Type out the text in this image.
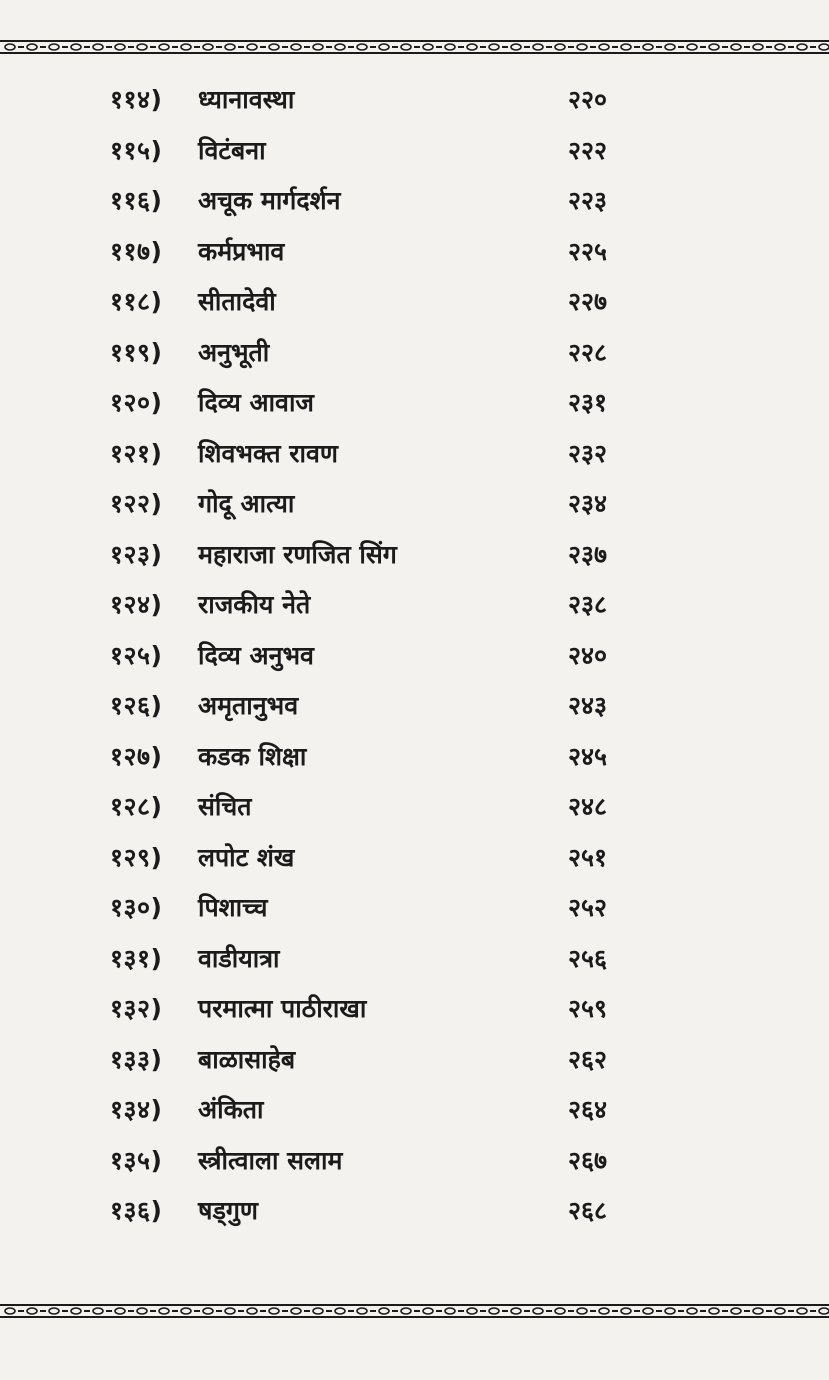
११४) ध्यानावस्था	२२०
११५) विटंबना	२२२
११६) अचूक मार्गदर्शन	२२३
११७) कर्मप्रभाव	२२५
११८) सीतादेवी	२२७
११९) अनुभूती	२२८
१२०) दिव्य आवाज	२३१
१२१) शिवभक्त रावण	२३२
१२२) गोदू आत्या	२३४
१२३) महाराजा रणजित सिंग	२३७
१२४) राजकीय नेते	२३८
१२५) दिव्य अनुभव	२४०
१२६) अमृतानुभव	२४३
१२७) कडक शिक्षा	२४५
१२८) संचित	२४८
१२९) लपोट शंख	२५१
१३०) पिशाच्च	२५२
१३१) वाडीयात्रा	२५६
१३२) परमात्मा पाठीराखा	२५९
१३३) बाळासाहेब	२६२
१३४) अंकिता	२६४
१३५) स्त्रीत्वाला सलाम	२६७
१३६) षड्गुण	२६८
